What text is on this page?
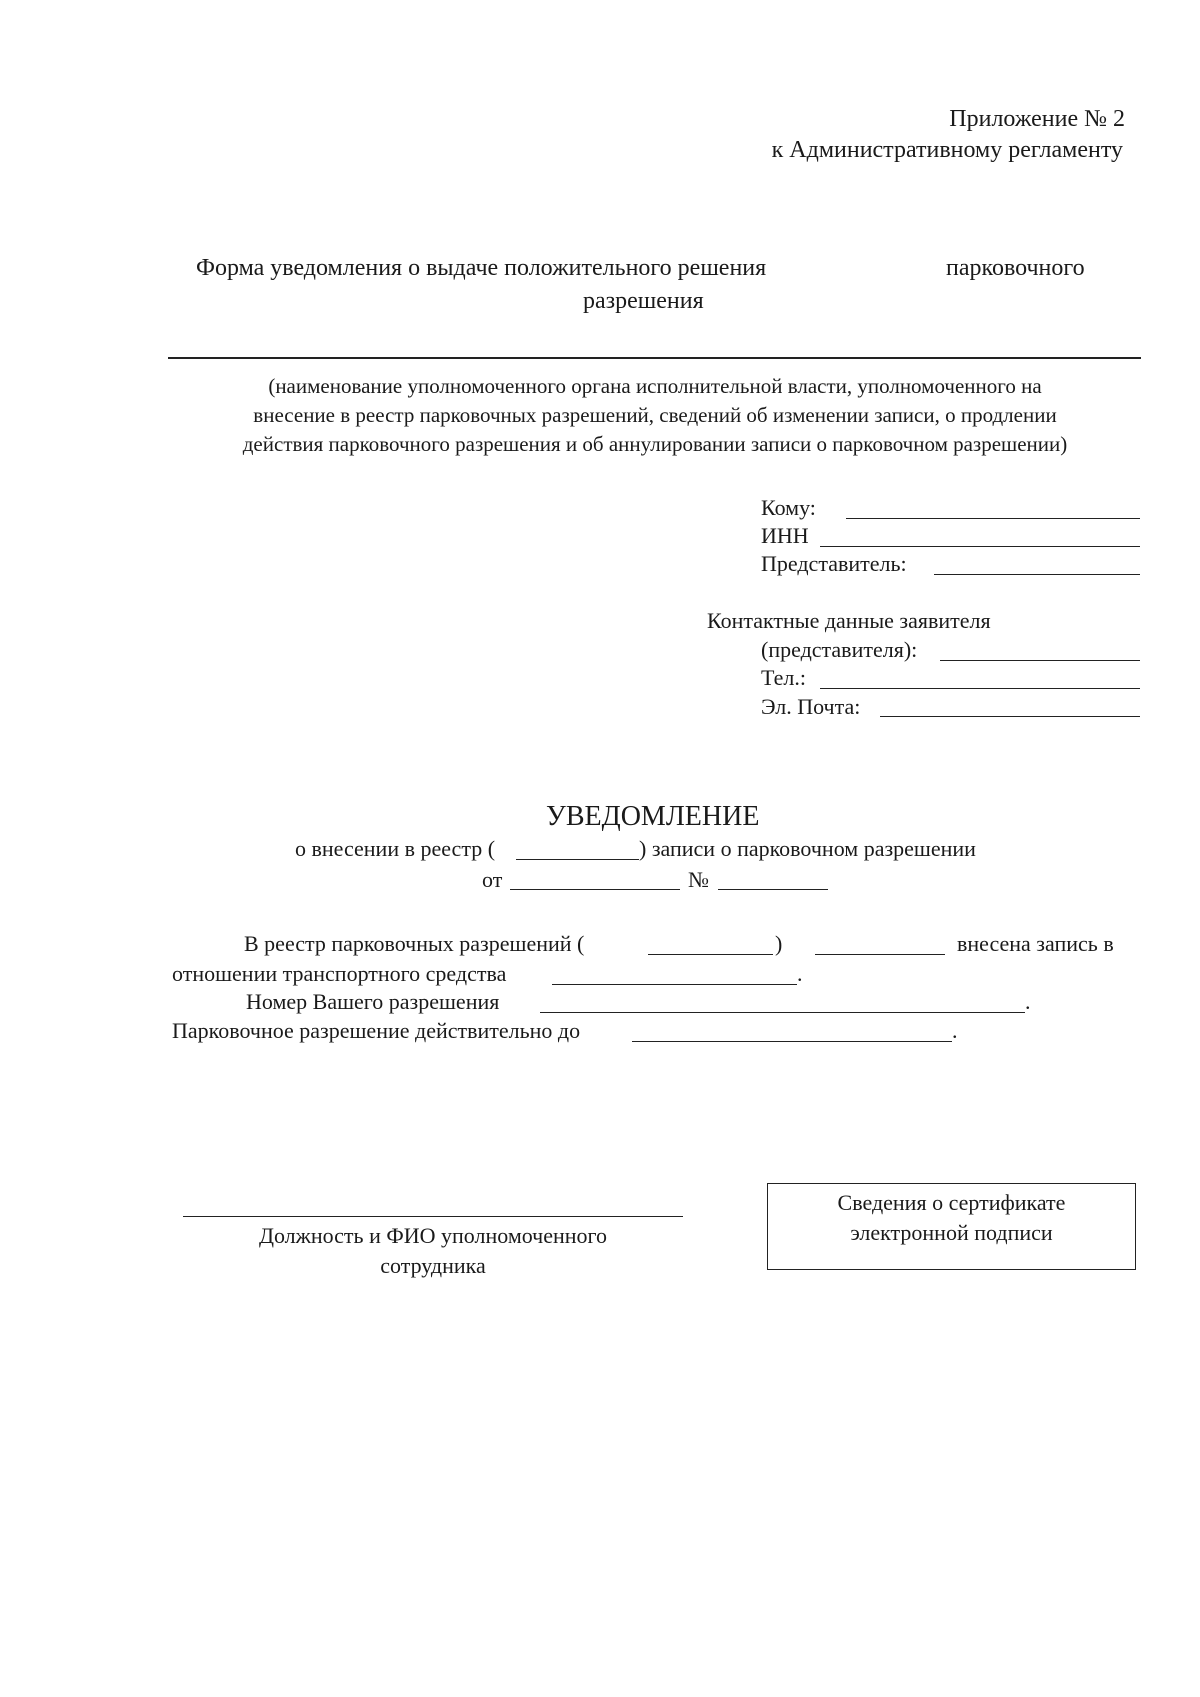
Приложение № 2
к Административному регламенту
Форма уведомления о выдаче положительного решения	парковочного
разрешения
(наименование уполномоченного органа исполнительной власти, уполномоченного на
внесение в реестр парковочных разрешений, сведений об изменении записи, о продлении
действия парковочного разрешения и об аннулировании записи о парковочном разрешении)
Кому:
ИНН
Представитель:
Контактные данные заявителя
(представителя):
Тел.:
Эл. Почта:
УВЕДОМЛЕНИЕ
о внесении в реестр (	) записи о парковочном разрешении
от	№
В реестр парковочных разрешений (	)	внесена запись в
отношении транспортного средства	.
Номер Вашего разрешения	.
Парковочное разрешение действительно до	.
Должность и ФИО уполномоченного
сотрудника
Сведения о сертификате
электронной подписи
